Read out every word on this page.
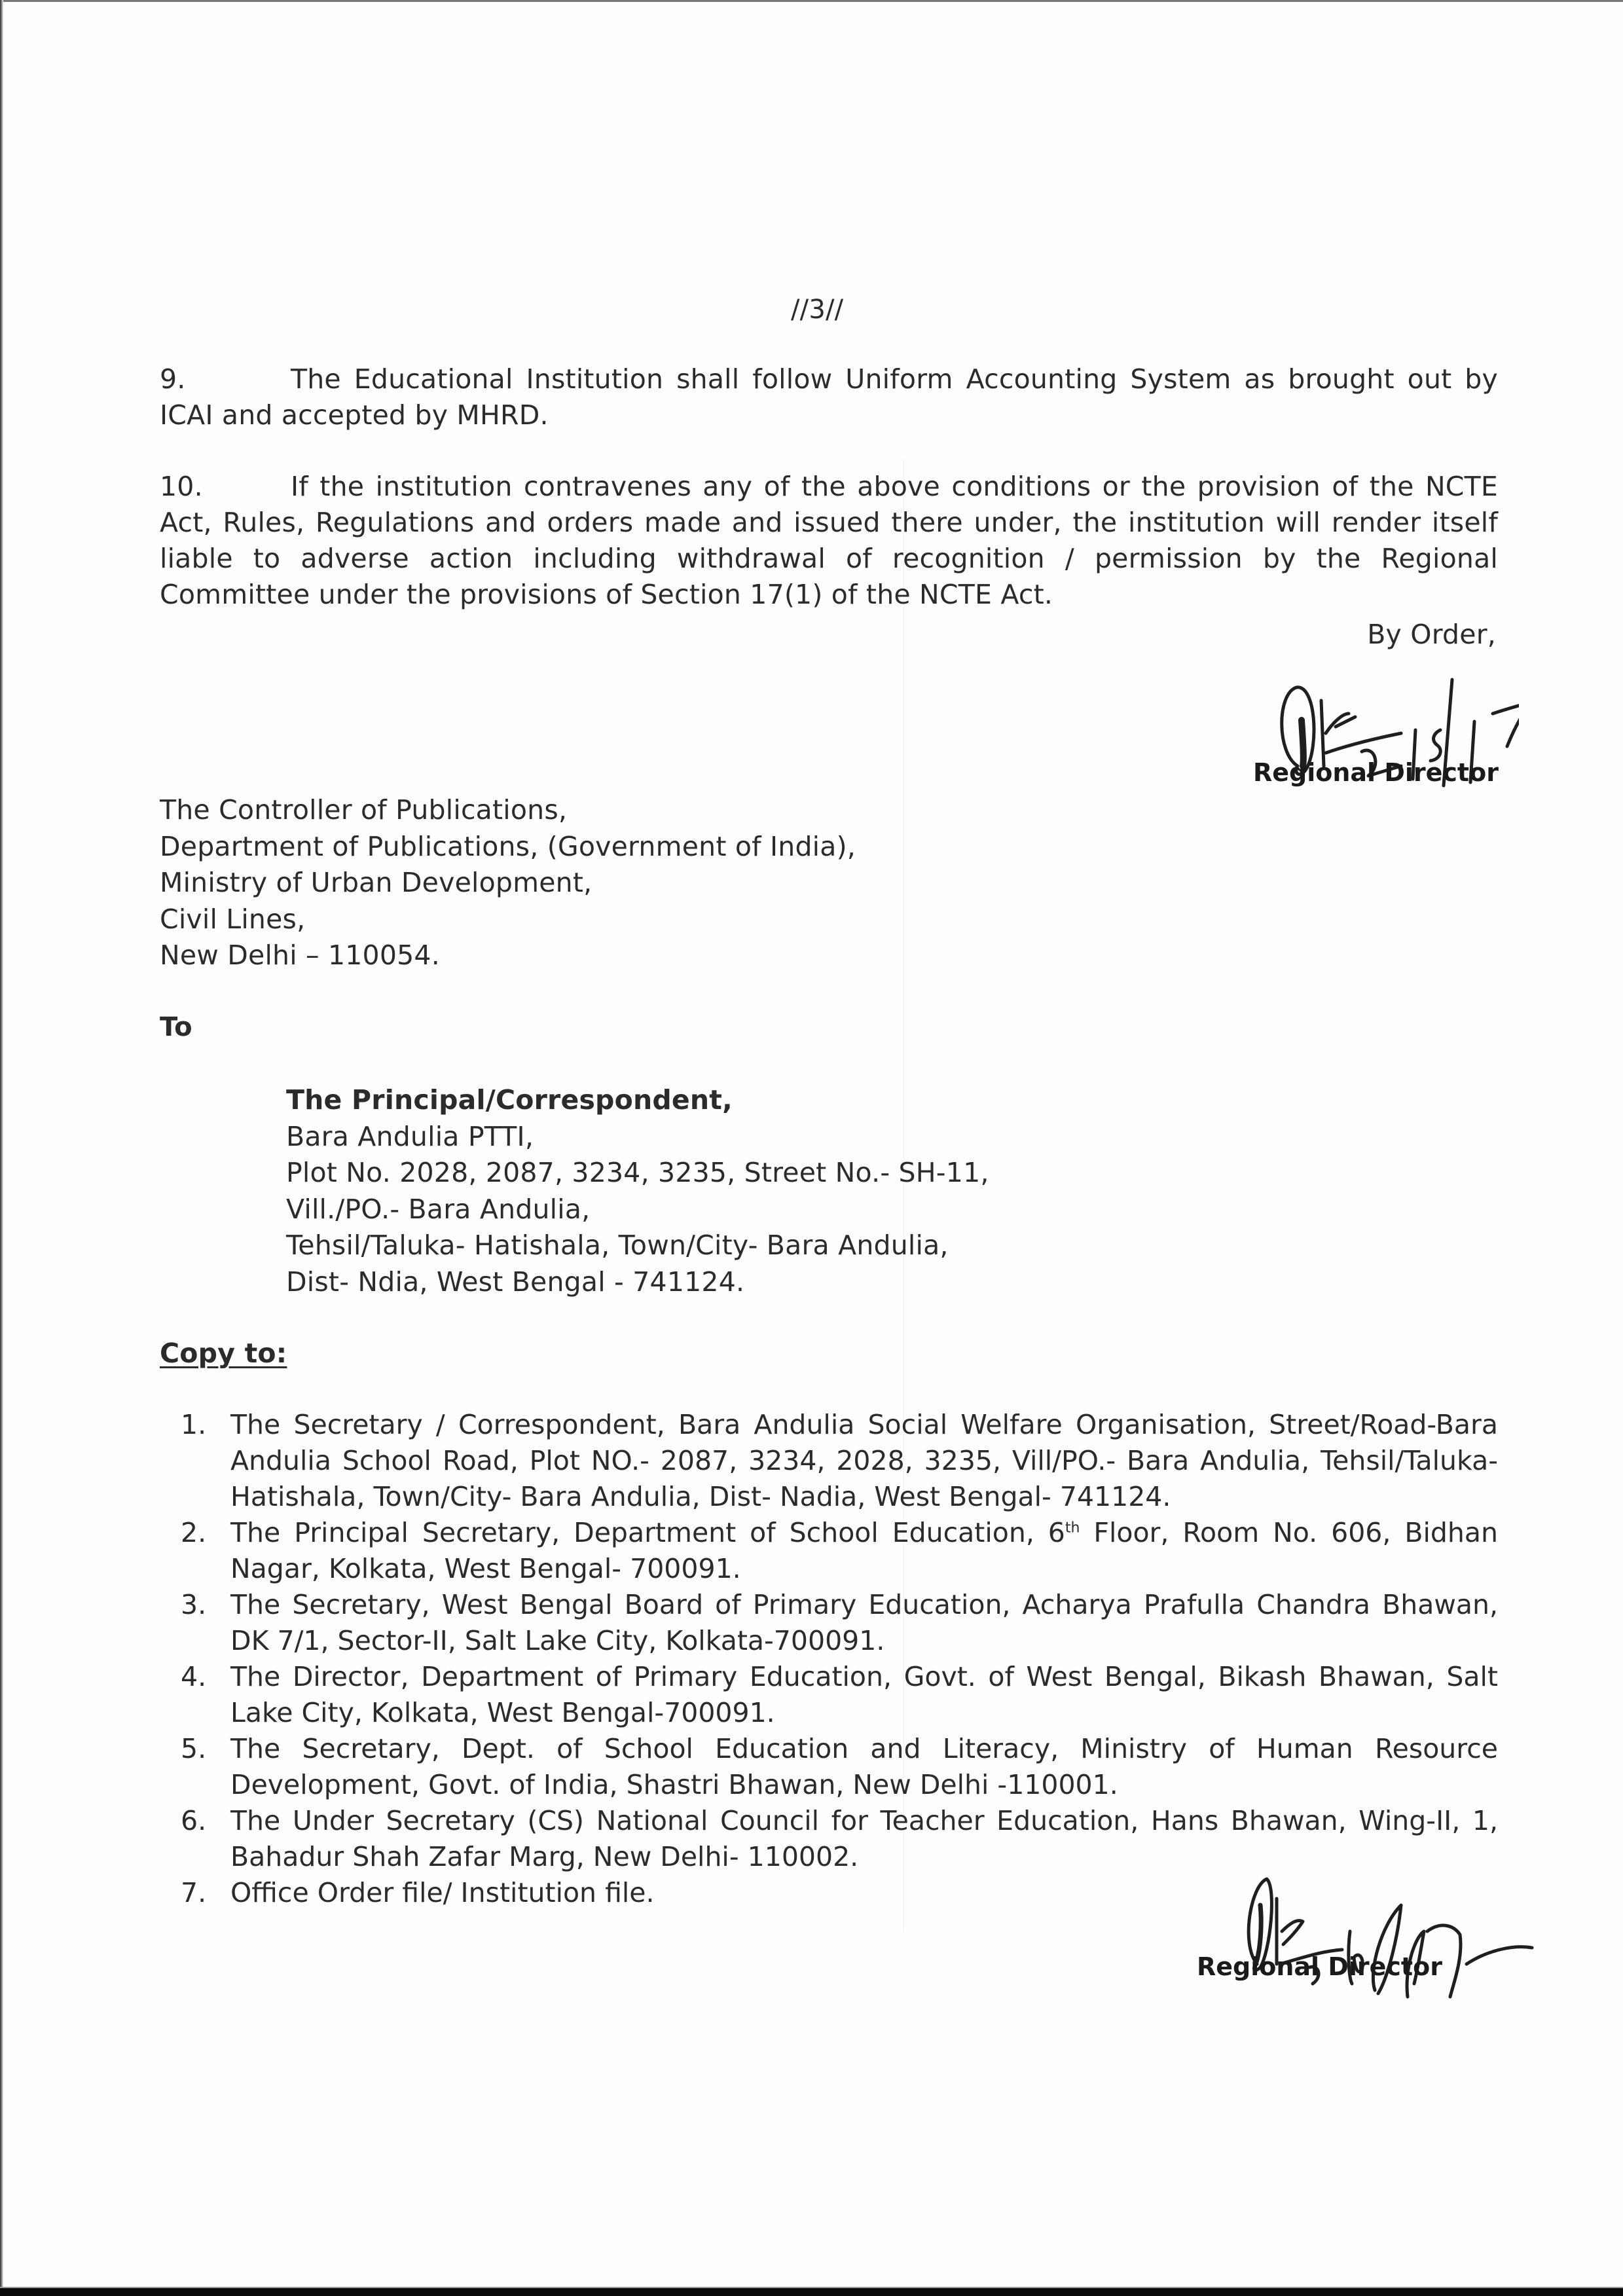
//3//
9.	The Educational Institution shall follow Uniform Accounting System as brought out by ICAI and accepted by MHRD.
10.	If the institution contravenes any of the above conditions or the provision of the NCTE Act, Rules, Regulations and orders made and issued there under, the institution will render itself liable to adverse action including withdrawal of recognition / permission by the Regional Committee under the provisions of Section 17(1) of the NCTE Act.
By Order,
Regional Director
The Controller of Publications,
Department of Publications, (Government of India),
Ministry of Urban Development,
Civil Lines,
New Delhi – 110054.
To
The Principal/Correspondent,
Bara Andulia PTTI,
Plot No. 2028, 2087, 3234, 3235, Street No.- SH-11,
Vill./PO.- Bara Andulia,
Tehsil/Taluka- Hatishala, Town/City- Bara Andulia,
Dist- Ndia, West Bengal - 741124.
Copy to:
1. The Secretary / Correspondent, Bara Andulia Social Welfare Organisation, Street/Road-Bara Andulia School Road, Plot NO.- 2087, 3234, 2028, 3235, Vill/PO.- Bara Andulia, Tehsil/Taluka- Hatishala, Town/City- Bara Andulia, Dist- Nadia, West Bengal- 741124.
2. The Principal Secretary, Department of School Education, 6th Floor, Room No. 606, Bidhan Nagar, Kolkata, West Bengal- 700091.
3. The Secretary, West Bengal Board of Primary Education, Acharya Prafulla Chandra Bhawan, DK 7/1, Sector-II, Salt Lake City, Kolkata-700091.
4. The Director, Department of Primary Education, Govt. of West Bengal, Bikash Bhawan, Salt Lake City, Kolkata, West Bengal-700091.
5. The Secretary, Dept. of School Education and Literacy, Ministry of Human Resource Development, Govt. of India, Shastri Bhawan, New Delhi -110001.
6. The Under Secretary (CS) National Council for Teacher Education, Hans Bhawan, Wing-II, 1, Bahadur Shah Zafar Marg, New Delhi- 110002.
7. Office Order file/ Institution file.
Regional Director
